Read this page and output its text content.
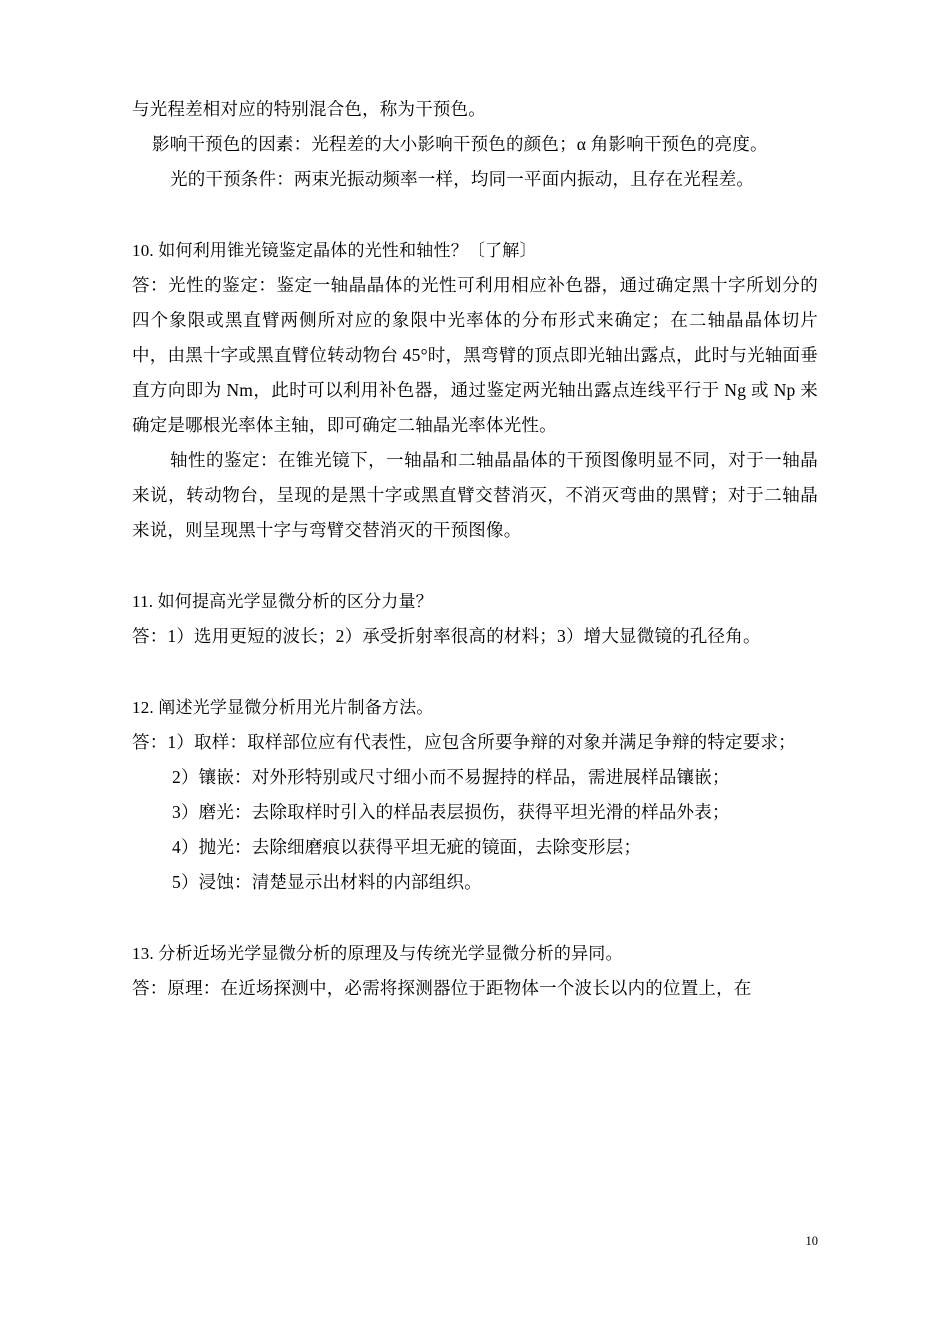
与光程差相对应的特别混合色，称为干预色。

影响干预色的因素：光程差的大小影响干预色的颜色；α 角影响干预色的亮度。

光的干预条件：两束光振动频率一样，均同一平面内振动，且存在光程差。

10. 如何利用锥光镜鉴定晶体的光性和轴性？〔了解〕

答：光性的鉴定：鉴定一轴晶晶体的光性可利用相应补色器，通过确定黑十字所划分的四个象限或黑直臂两侧所对应的象限中光率体的分布形式来确定；在二轴晶晶体切片中，由黑十字或黑直臂位转动物台 45°时，黑弯臂的顶点即光轴出露点，此时与光轴面垂直方向即为 Nm，此时可以利用补色器，通过鉴定两光轴出露点连线平行于 Ng 或 Np 来确定是哪根光率体主轴，即可确定二轴晶光率体光性。

轴性的鉴定：在锥光镜下，一轴晶和二轴晶晶体的干预图像明显不同，对于一轴晶来说，转动物台，呈现的是黑十字或黑直臂交替消灭，不消灭弯曲的黑臂；对于二轴晶来说，则呈现黑十字与弯臂交替消灭的干预图像。

11. 如何提高光学显微分析的区分力量？

答：1）选用更短的波长；2）承受折射率很高的材料；3）增大显微镜的孔径角。

12. 阐述光学显微分析用光片制备方法。

答：1）取样：取样部位应有代表性，应包含所要争辩的对象并满足争辩的特定要求；

2）镶嵌：对外形特别或尺寸细小而不易握持的样品，需进展样品镶嵌；

3）磨光：去除取样时引入的样品表层损伤，获得平坦光滑的样品外表；

4）抛光：去除细磨痕以获得平坦无疵的镜面，去除变形层；

5）浸蚀：清楚显示出材料的内部组织。

13. 分析近场光学显微分析的原理及与传统光学显微分析的异同。

答：原理：在近场探测中，必需将探测器位于距物体一个波长以内的位置上，在

10
